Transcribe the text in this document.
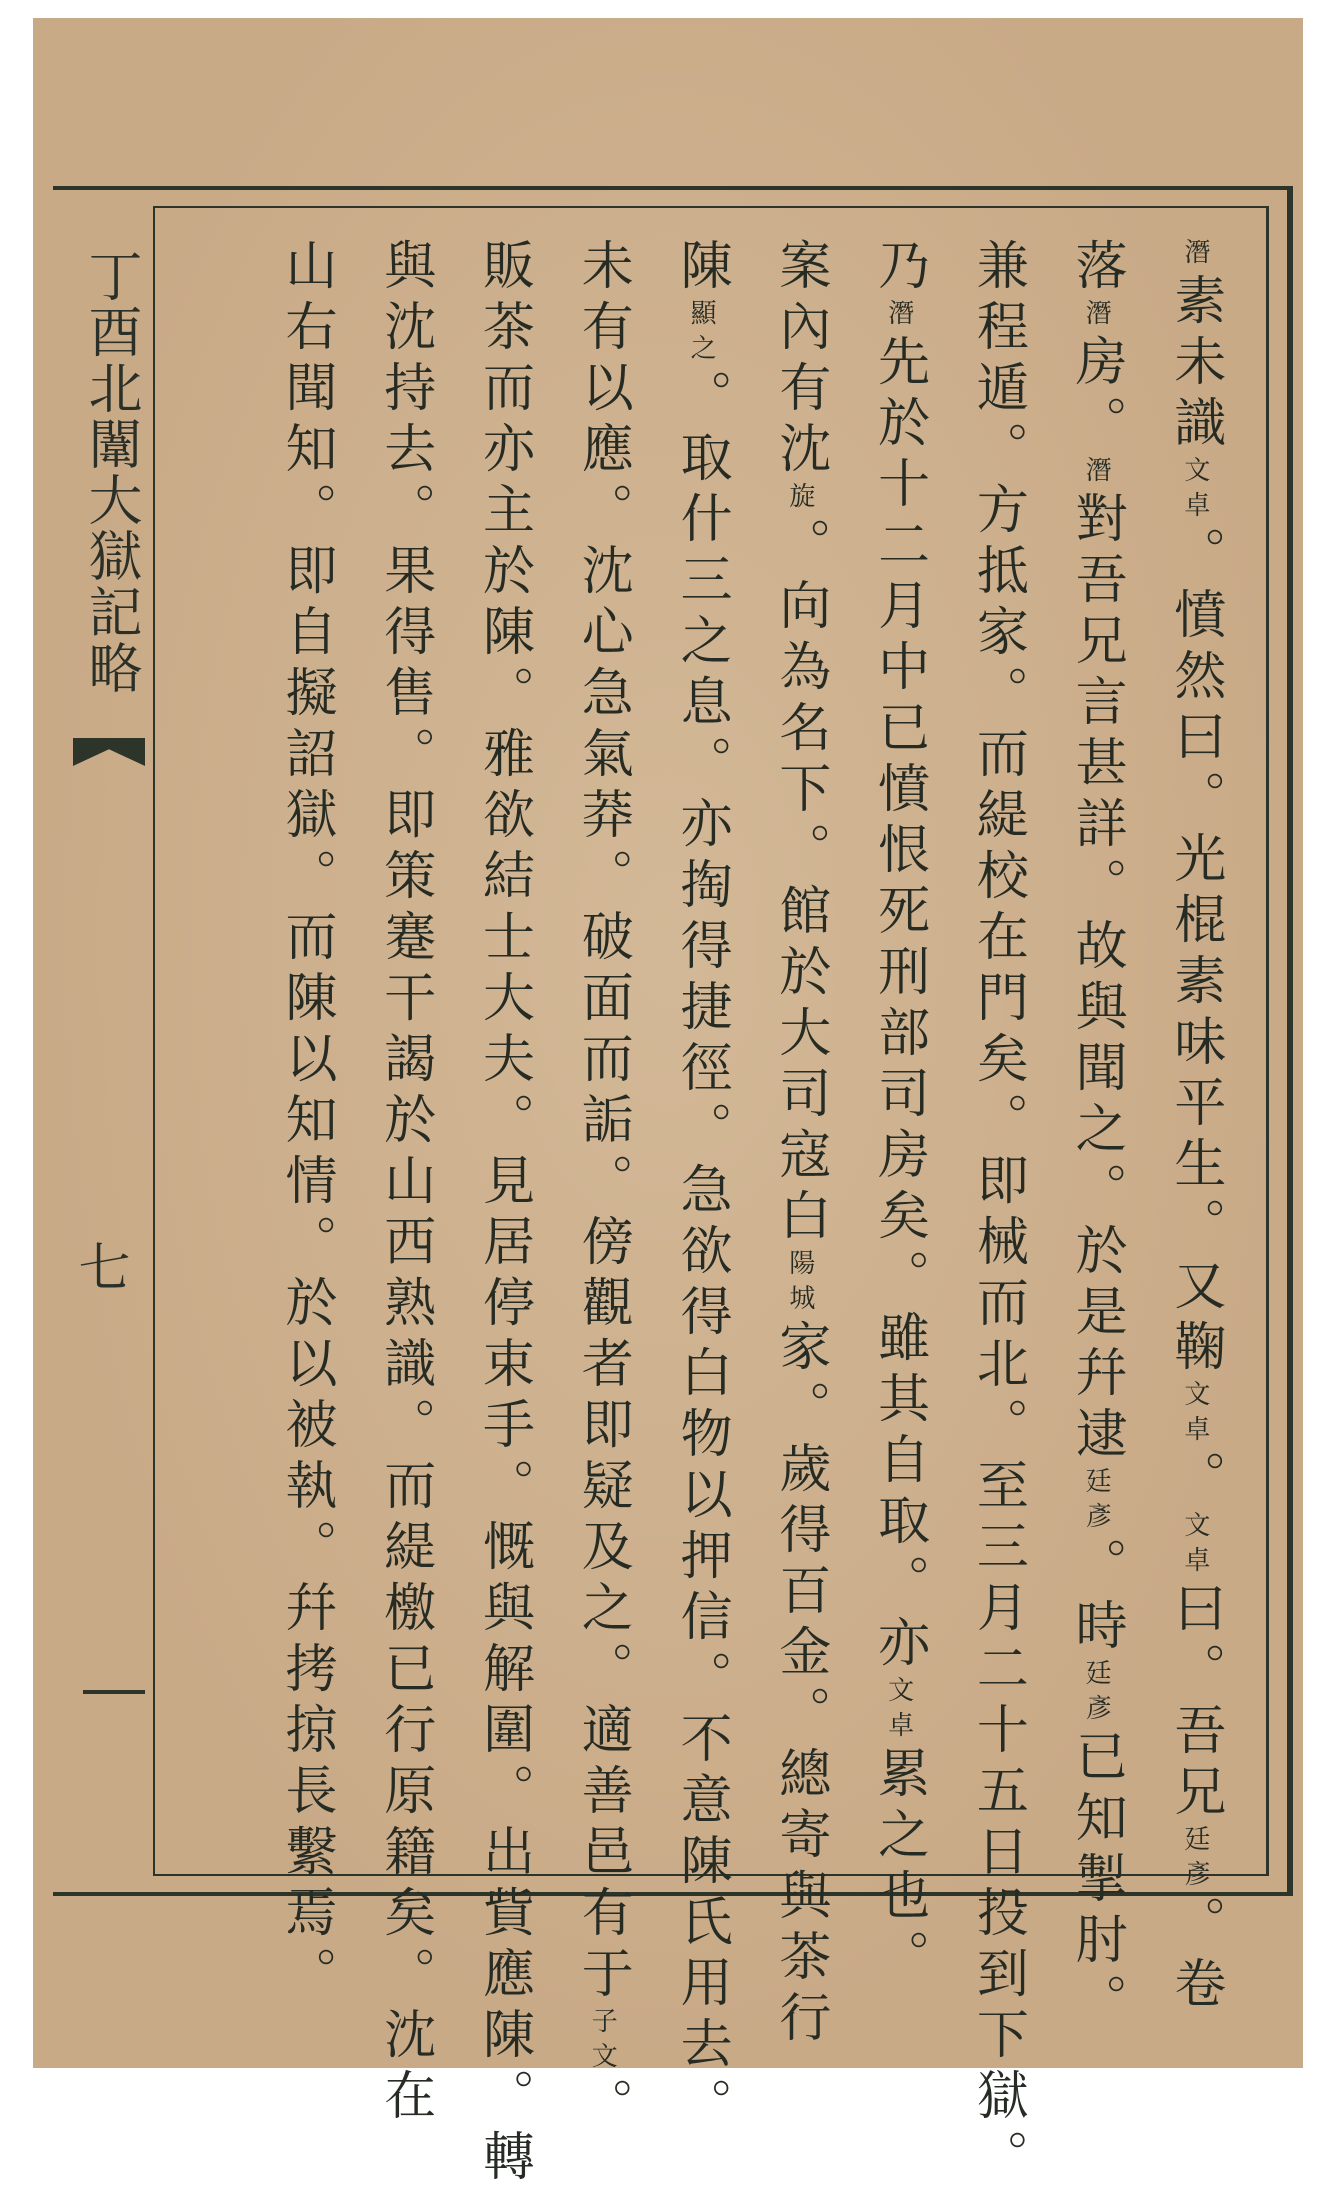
潛素未識文卓。憤然曰。光棍素味平生。又鞠文卓。文卓曰。吾兄廷彥。卷
落潛房。潛對吾兄言甚詳。故與聞之。於是幷逮廷彥。時廷彥已知掣肘。
兼程遁。方抵家。而緹校在門矣。即械而北。至三月二十五日投到下獄。
乃潛先於十二月中已憤恨死刑部司房矣。雖其自取。亦文卓累之也。
案內有沈旋。向為名下。館於大司寇白陽城家。歲得百金。總寄與茶行
陳顯之。取什三之息。亦掏得捷徑。急欲得白物以押信。不意陳氏用去。
未有以應。沈心急氣莽。破面而詬。傍觀者即疑及之。適善邑有于子文。
販茶而亦主於陳。雅欲結士大夫。見居停束手。慨與解圍。出貲應陳。轉
與沈持去。果得售。即策蹇干謁於山西熟識。而緹檄已行原籍矣。沈在
山右聞知。即自擬詔獄。而陳以知情。於以被執。幷拷掠長繫焉。
丁酉北闈大獄記略
七
